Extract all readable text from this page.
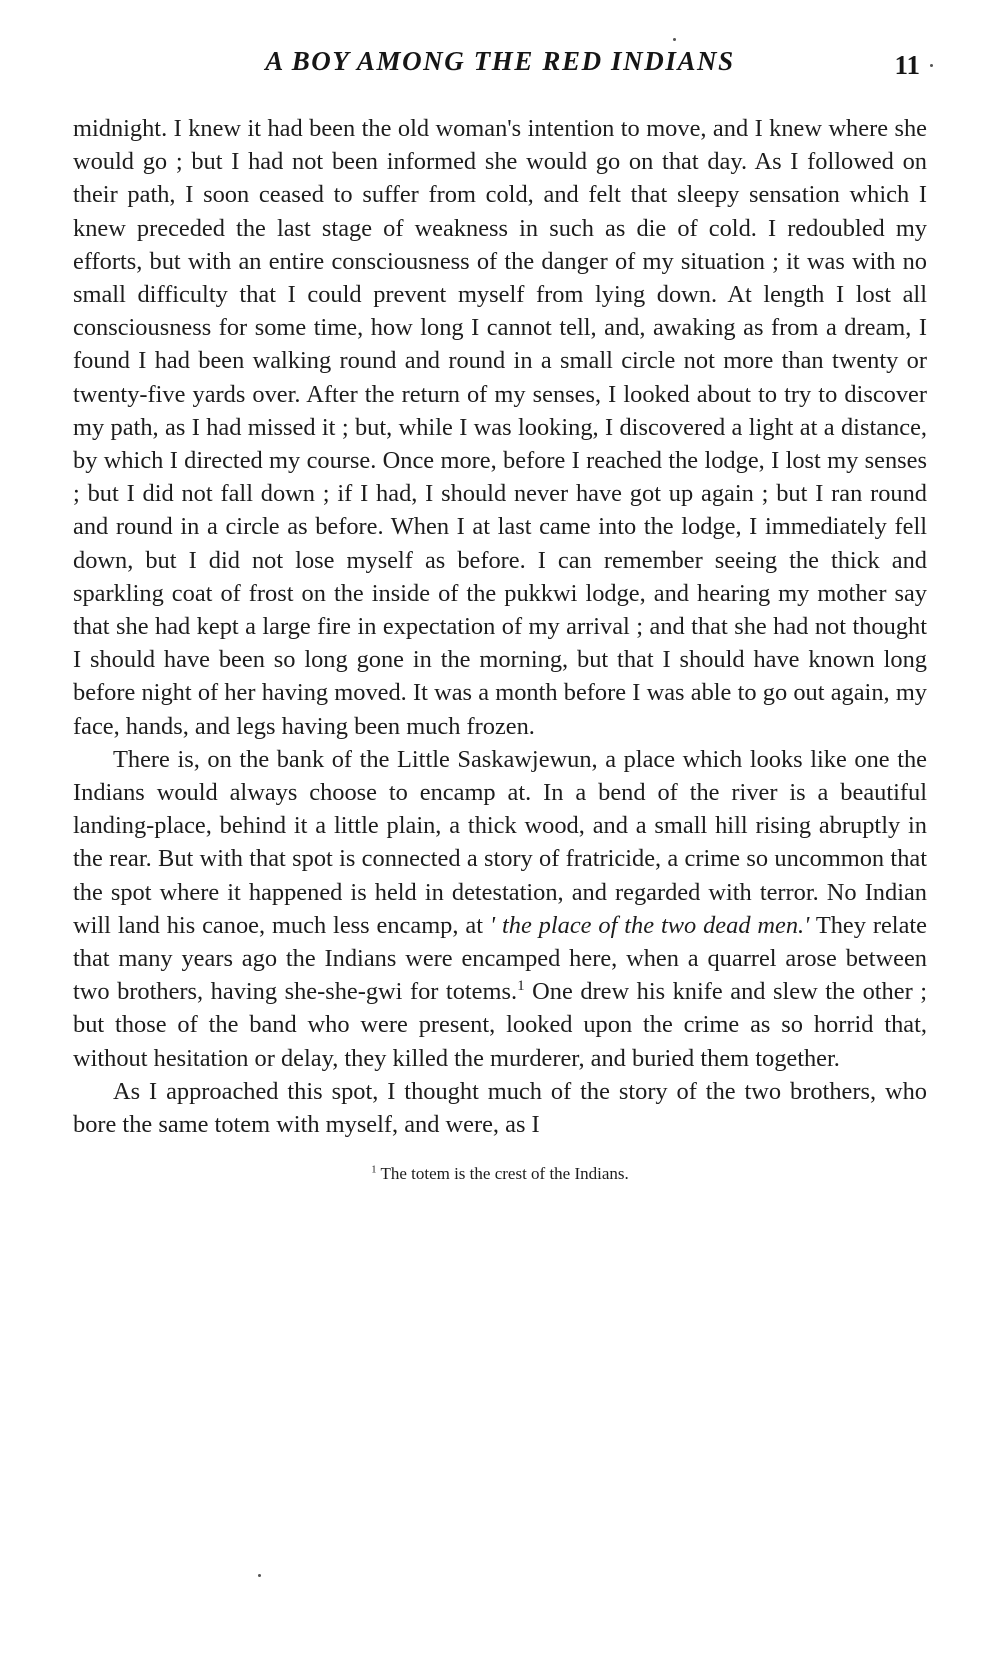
A BOY AMONG THE RED INDIANS	11

midnight. I knew it had been the old woman's intention to move, and I knew where she would go ; but I had not been informed she would go on that day. As I followed on their path, I soon ceased to suffer from cold, and felt that sleepy sensation which I knew preceded the last stage of weakness in such as die of cold. I redoubled my efforts, but with an entire consciousness of the danger of my situation ; it was with no small difficulty that I could prevent myself from lying down. At length I lost all consciousness for some time, how long I cannot tell, and, awaking as from a dream, I found I had been walking round and round in a small circle not more than twenty or twenty-five yards over. After the return of my senses, I looked about to try to discover my path, as I had missed it ; but, while I was looking, I discovered a light at a distance, by which I directed my course. Once more, before I reached the lodge, I lost my senses ; but I did not fall down ; if I had, I should never have got up again ; but I ran round and round in a circle as before. When I at last came into the lodge, I immediately fell down, but I did not lose myself as before. I can remember seeing the thick and sparkling coat of frost on the inside of the pukkwi lodge, and hearing my mother say that she had kept a large fire in expectation of my arrival ; and that she had not thought I should have been so long gone in the morning, but that I should have known long before night of her having moved. It was a month before I was able to go out again, my face, hands, and legs having been much frozen.

There is, on the bank of the Little Saskawjewun, a place which looks like one the Indians would always choose to encamp at. In a bend of the river is a beautiful landing-place, behind it a little plain, a thick wood, and a small hill rising abruptly in the rear. But with that spot is connected a story of fratricide, a crime so uncommon that the spot where it happened is held in detestation, and regarded with terror. No Indian will land his canoe, much less encamp, at ' the place of the two dead men.' They relate that many years ago the Indians were encamped here, when a quarrel arose between two brothers, having she-she-gwi for totems.$^1$ One drew his knife and slew the other ; but those of the band who were present, looked upon the crime as so horrid that, without hesitation or delay, they killed the murderer, and buried them together.

As I approached this spot, I thought much of the story of the two brothers, who bore the same totem with myself, and were, as I

$^1$ The totem is the crest of the Indians.
